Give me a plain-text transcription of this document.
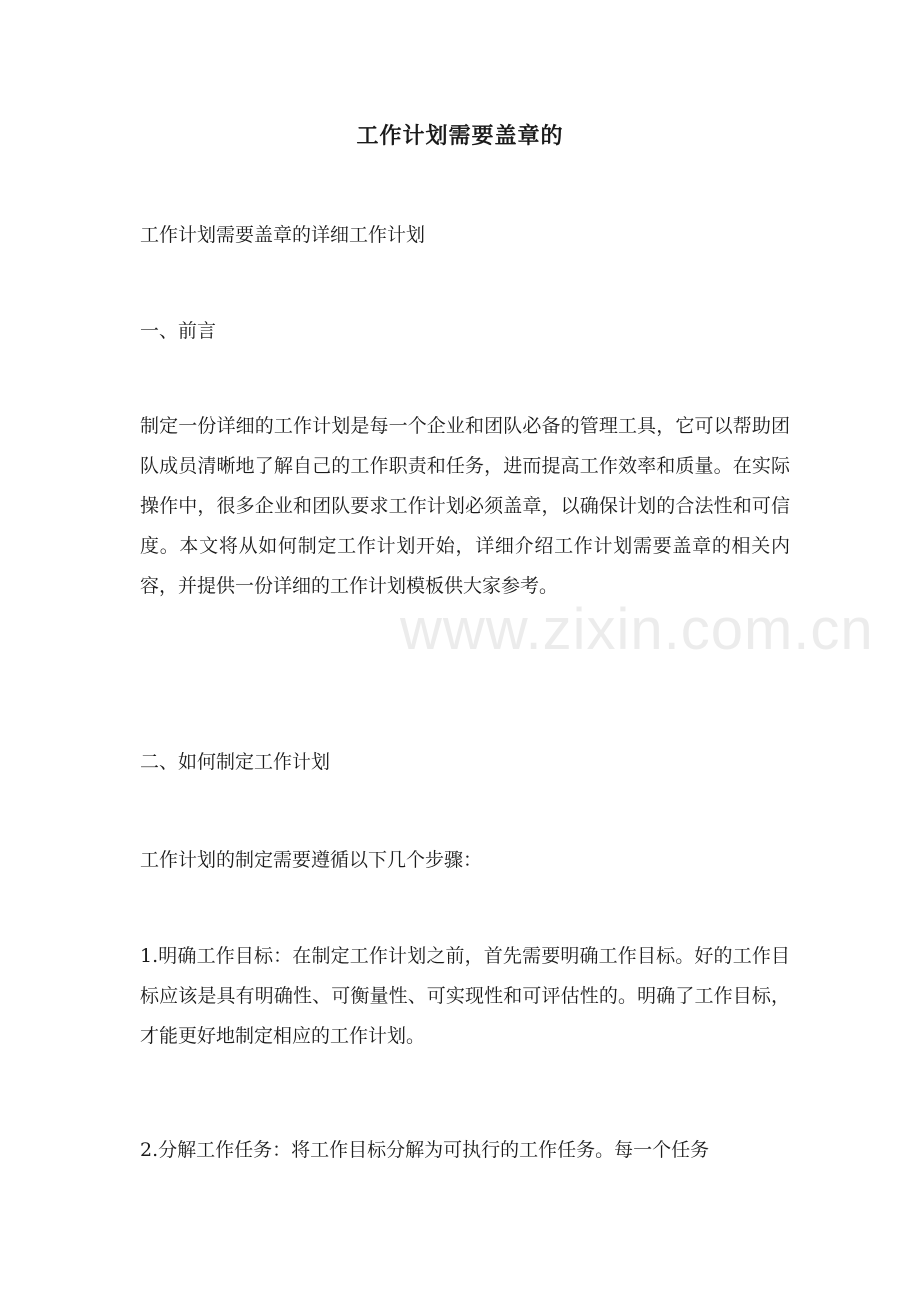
工作计划需要盖章的

工作计划需要盖章的详细工作计划

一、前言

制定一份详细的工作计划是每一个企业和团队必备的管理工具，它可以帮助团队成员清晰地了解自己的工作职责和任务，进而提高工作效率和质量。在实际操作中，很多企业和团队要求工作计划必须盖章，以确保计划的合法性和可信度。本文将从如何制定工作计划开始，详细介绍工作计划需要盖章的相关内容，并提供一份详细的工作计划模板供大家参考。

二、如何制定工作计划

工作计划的制定需要遵循以下几个步骤：

1.明确工作目标：在制定工作计划之前，首先需要明确工作目标。好的工作目标应该是具有明确性、可衡量性、可实现性和可评估性的。明确了工作目标，才能更好地制定相应的工作计划。

2.分解工作任务：将工作目标分解为可执行的工作任务。每一个任务

www.zixin.com.cn
